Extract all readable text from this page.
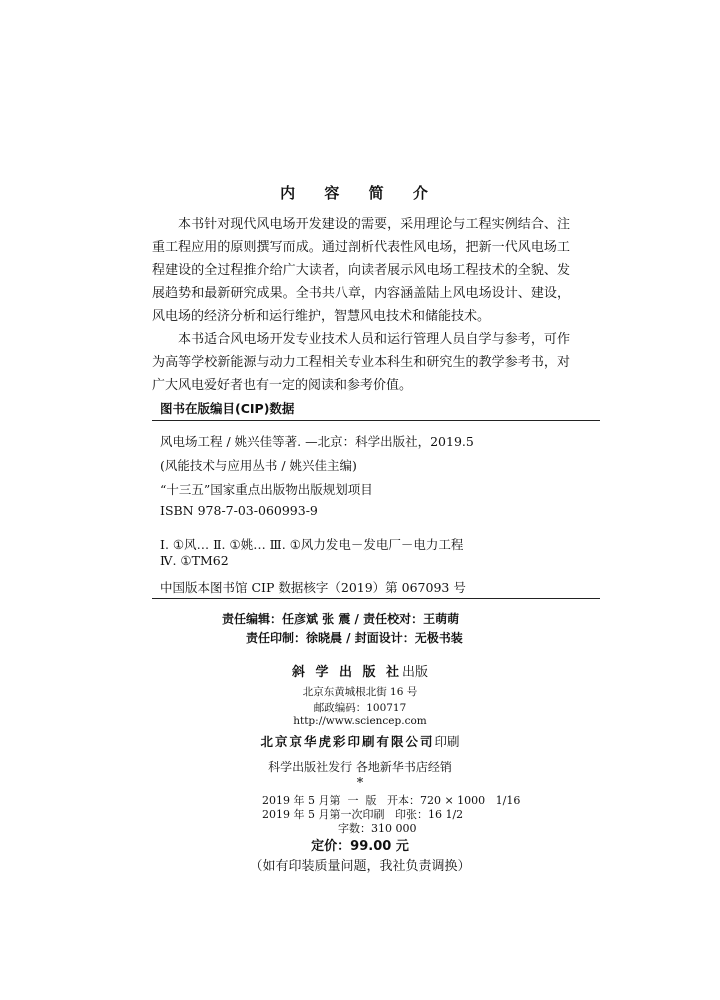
内 容 简 介

本书针对现代风电场开发建设的需要，采用理论与工程实例结合、注重工程应用的原则撰写而成。通过剖析代表性风电场，把新一代风电场工程建设的全过程推介给广大读者，向读者展示风电场工程技术的全貌、发展趋势和最新研究成果。全书共八章，内容涵盖陆上风电场设计、建设，风电场的经济分析和运行维护，智慧风电技术和储能技术。

本书适合风电场开发专业技术人员和运行管理人员自学与参考，可作为高等学校新能源与动力工程相关专业本科生和研究生的教学参考书，对广大风电爱好者也有一定的阅读和参考价值。

图书在版编目(CIP)数据
风电场工程 / 姚兴佳等著. —北京：科学出版社，2019.5
(风能技术与应用丛书 / 姚兴佳主编)
“十三五”国家重点出版物出版规划项目
ISBN 978-7-03-060993-9
Ⅰ. ①风… Ⅱ. ①姚… Ⅲ. ①风力发电－发电厂－电力工程
Ⅳ. ①TM62
中国版本图书馆 CIP 数据核字（2019）第 067093 号
责任编辑：任彦斌 张 震 / 责任校对：王萌萌
责任印制：徐晓晨 / 封面设计：无极书装
斜 学 出 版 社出版
北京东黄城根北街 16 号
邮政编码：100717
http://www.sciencep.com
北京京华虎彩印刷有限公司印刷
科学出版社发行 各地新华书店经销
*
2019 年 5 月第  一  版   开本：720 × 1000   1/16
2019 年 5 月第一次印刷   印张：16 1/2
字数：310 000
定价：99.00 元
（如有印装质量问题，我社负责调换）
